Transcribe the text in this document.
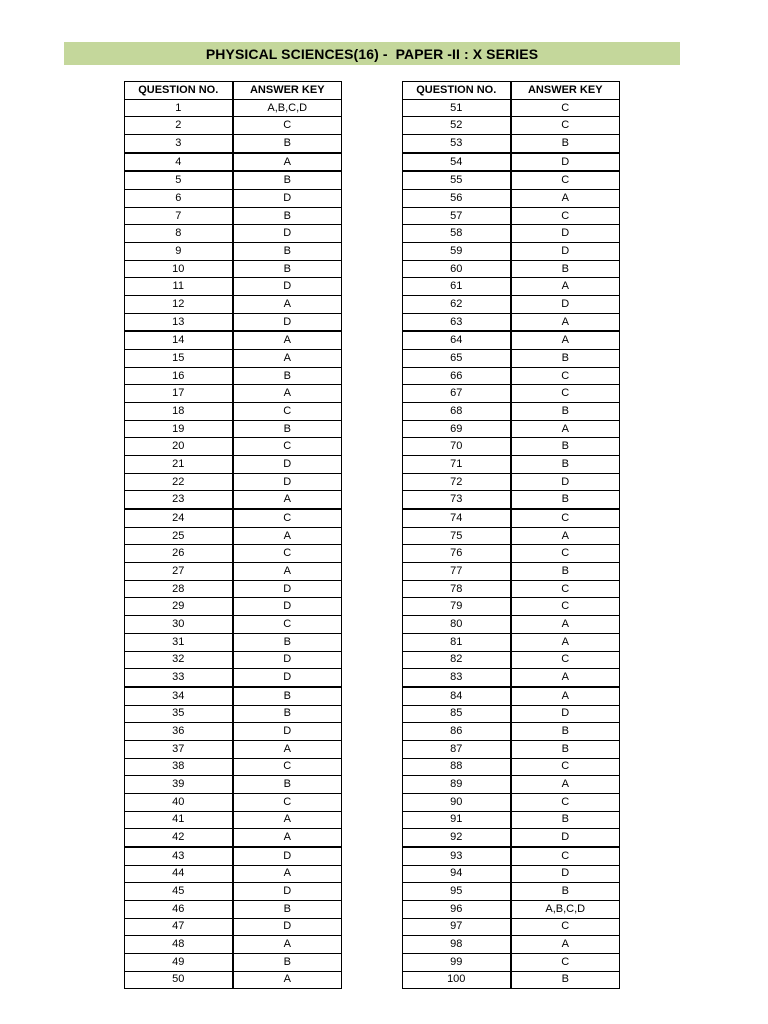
PHYSICAL SCIENCES(16) -  PAPER -II : X SERIES
QUESTION NO.	ANSWER KEY
1	A,B,C,D
2	C
3	B
4	A
5	B
6	D
7	B
8	D
9	B
10	B
11	D
12	A
13	D
14	A
15	A
16	B
17	A
18	C
19	B
20	C
21	D
22	D
23	A
24	C
25	A
26	C
27	A
28	D
29	D
30	C
31	B
32	D
33	D
34	B
35	B
36	D
37	A
38	C
39	B
40	C
41	A
42	A
43	D
44	A
45	D
46	B
47	D
48	A
49	B
50	A
QUESTION NO.	ANSWER KEY
51	C
52	C
53	B
54	D
55	C
56	A
57	C
58	D
59	D
60	B
61	A
62	D
63	A
64	A
65	B
66	C
67	C
68	B
69	A
70	B
71	B
72	D
73	B
74	C
75	A
76	C
77	B
78	C
79	C
80	A
81	A
82	C
83	A
84	A
85	D
86	B
87	B
88	C
89	A
90	C
91	B
92	D
93	C
94	D
95	B
96	A,B,C,D
97	C
98	A
99	C
100	B
